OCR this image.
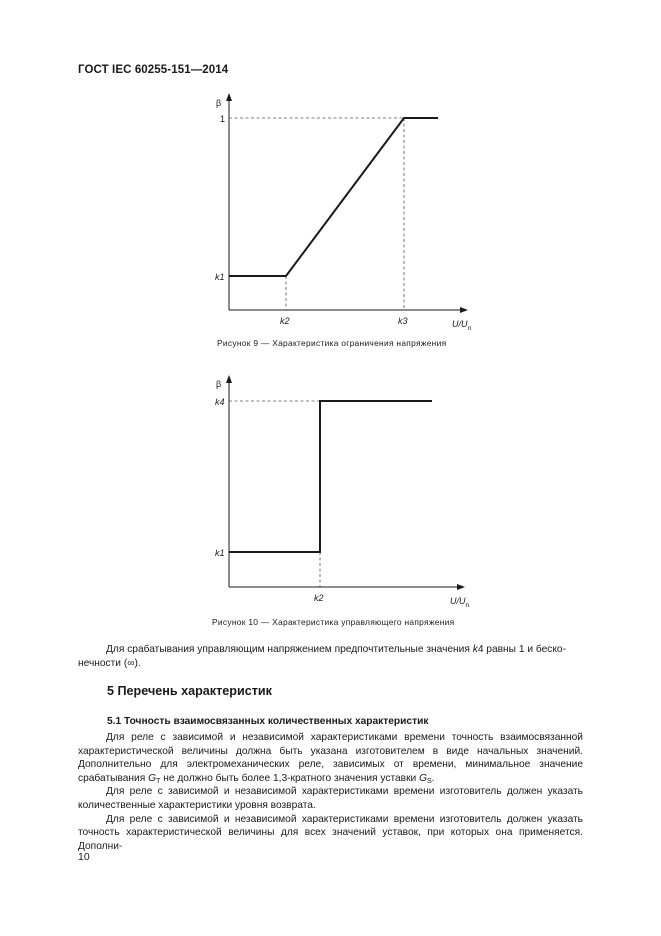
ГОСТ IEC 60255-151—2014
β
1
k1
k2	k3	$U/U_n$
Рисунок 9 — Характеристика ограничения напряжения
β
k4
k1
k2	$U/U_n$
Рисунок 10 — Характеристика управляющего напряжения

Для срабатывания управляющим напряжением предпочтительные значения k4 равны 1 и беско-

нечности (∞).
5 Перечень характеристик
5.1 Точность взаимосвязанных количественных характеристик

Для реле с зависимой и независимой характеристиками времени точность взаимосвязанной характеристической величины должна быть указана изготовителем в виде начальных значений. Дополнительно для электромеханических реле, зависимых от времени, минимальное значение срабатывания $G_T$ не должно быть более 1,3-кратного значения уставки $G_S$.

Для реле с зависимой и независимой характеристиками времени изготовитель должен указать количественные характеристики уровня возврата.

Для реле с зависимой и независимой характеристиками времени изготовитель должен указать точность характеристической величины для всех значений уставок, при которых она применяется. Дополни-

10
